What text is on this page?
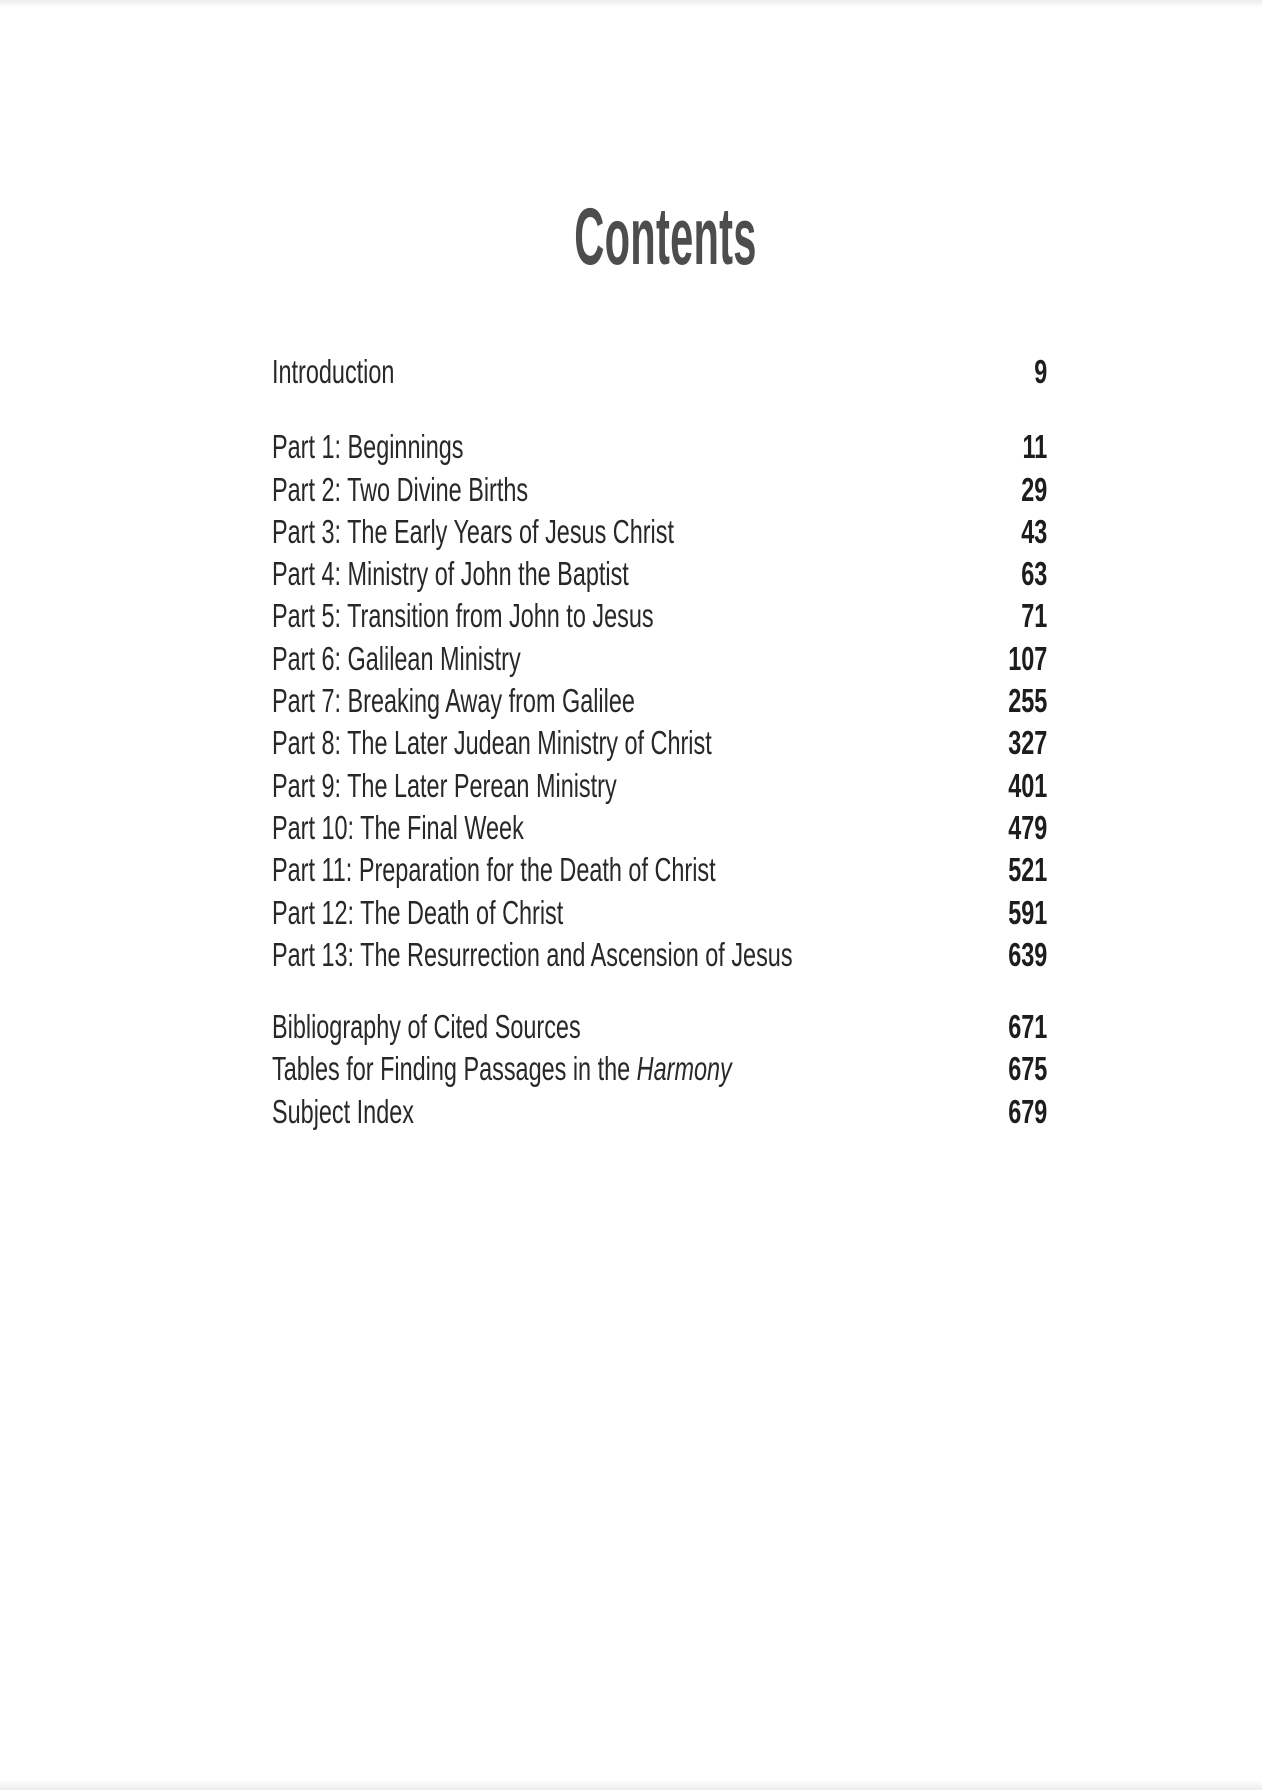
Contents
Introduction	9
Part 1: Beginnings	11
Part 2: Two Divine Births	29
Part 3: The Early Years of Jesus Christ	43
Part 4: Ministry of John the Baptist	63
Part 5: Transition from John to Jesus	71
Part 6: Galilean Ministry	107
Part 7: Breaking Away from Galilee	255
Part 8: The Later Judean Ministry of Christ	327
Part 9: The Later Perean Ministry	401
Part 10: The Final Week	479
Part 11: Preparation for the Death of Christ	521
Part 12: The Death of Christ	591
Part 13: The Resurrection and Ascension of Jesus	639
Bibliography of Cited Sources	671
Tables for Finding Passages in the Harmony	675
Subject Index	679
